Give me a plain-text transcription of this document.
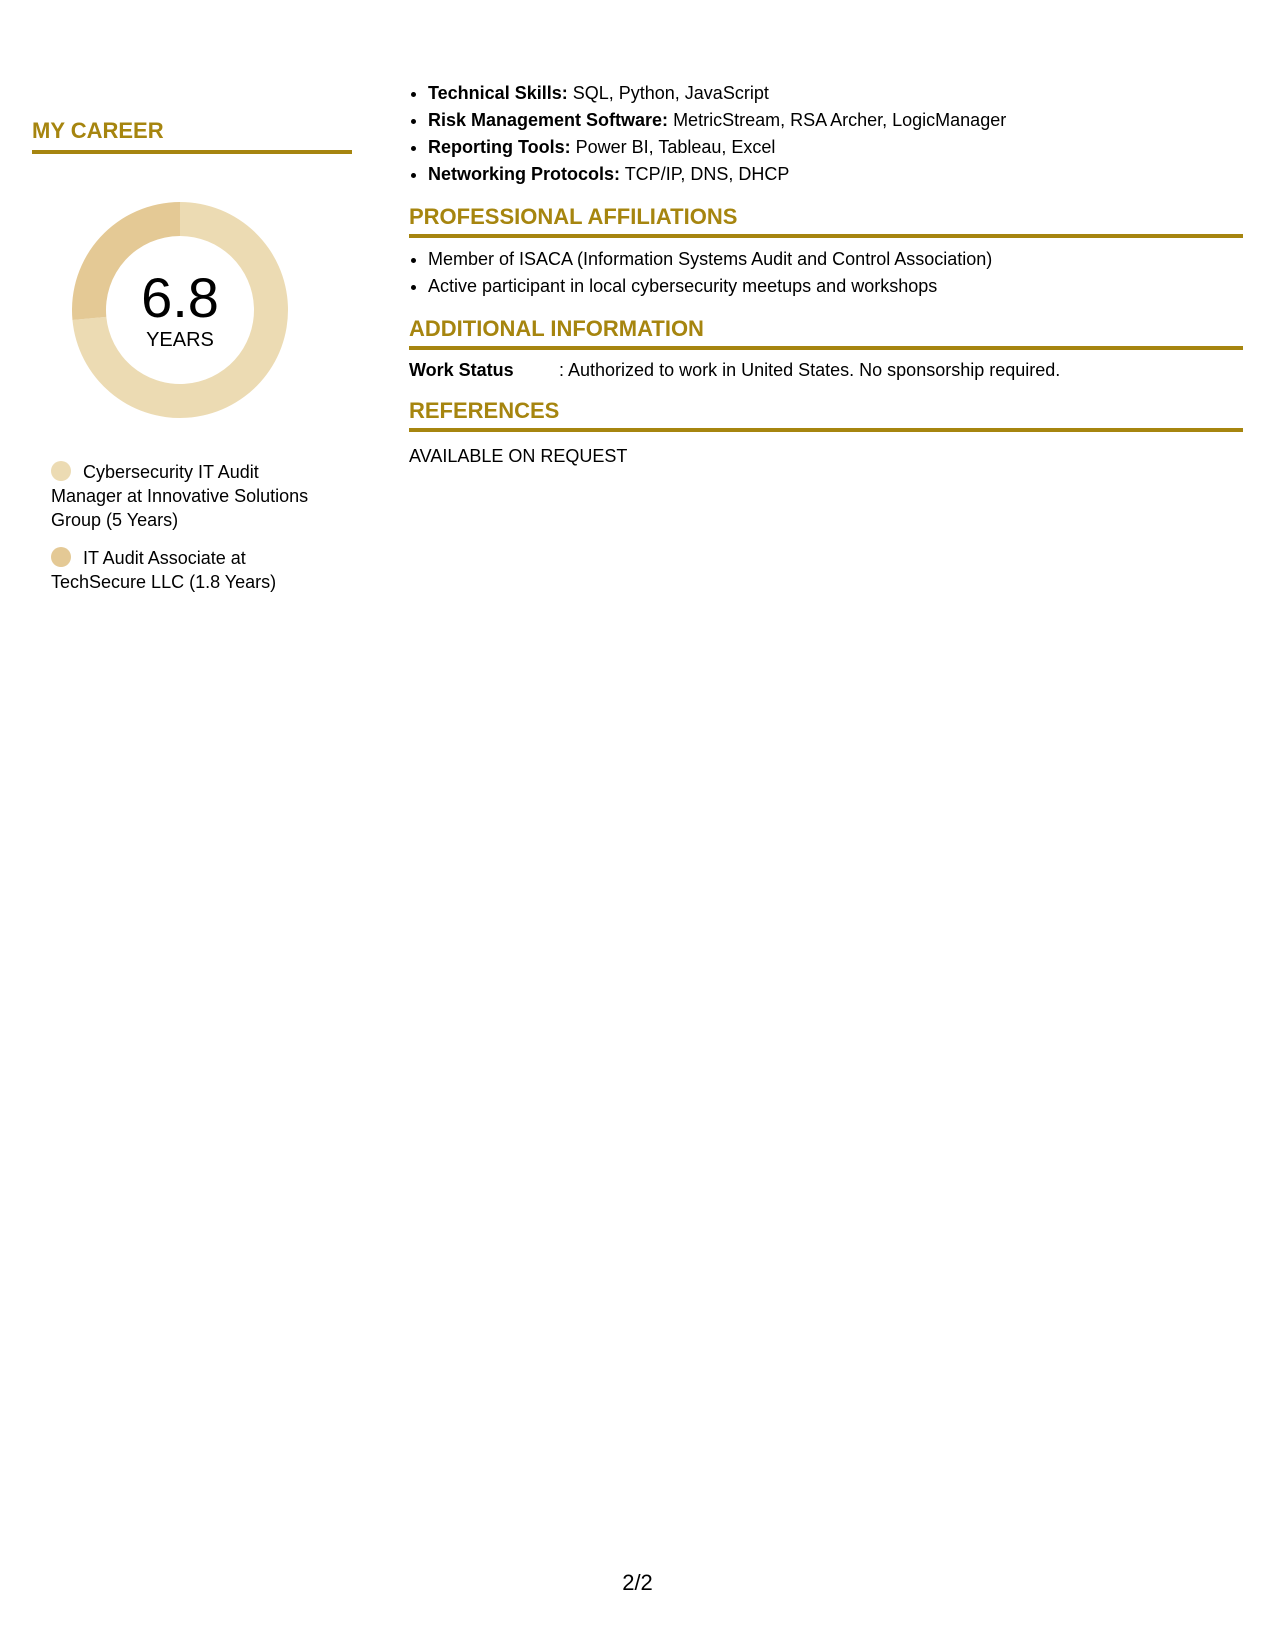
MY CAREER
6.8
YEARS
Cybersecurity IT Audit Manager at Innovative Solutions Group (5 Years)
IT Audit Associate at TechSecure LLC (1.8 Years)
• Technical Skills: SQL, Python, JavaScript
• Risk Management Software: MetricStream, RSA Archer, LogicManager
• Reporting Tools: Power BI, Tableau, Excel
• Networking Protocols: TCP/IP, DNS, DHCP
PROFESSIONAL AFFILIATIONS
• Member of ISACA (Information Systems Audit and Control Association)
• Active participant in local cybersecurity meetups and workshops
ADDITIONAL INFORMATION
Work Status	: Authorized to work in United States. No sponsorship required.
REFERENCES
AVAILABLE ON REQUEST
2/2
